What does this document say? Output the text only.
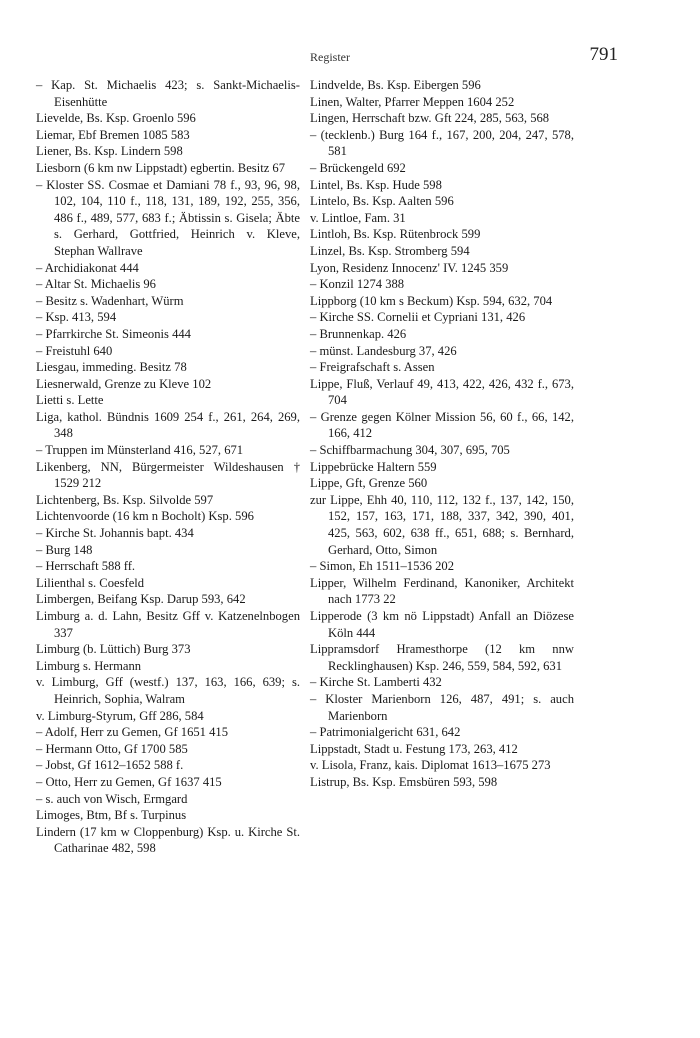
Register	791

– Kap. St. Michaelis 423; s. Sankt-Michaelis-Eisenhütte

Lievelde, Bs. Ksp. Groenlo 596

Liemar, Ebf Bremen 1085 583

Liener, Bs. Ksp. Lindern 598

Liesborn (6 km nw Lippstadt) egbertin. Besitz 67

– Kloster SS. Cosmae et Damiani 78 f., 93, 96, 98, 102, 104, 110 f., 118, 131, 189, 192, 255, 356, 486 f., 489, 577, 683 f.; Äbtissin s. Gisela; Äbte s. Gerhard, Gottfried, Heinrich v. Kleve, Stephan Wallrave

– Archidiakonat 444

– Altar St. Michaelis 96

– Besitz s. Wadenhart, Würm

– Ksp. 413, 594

– Pfarrkirche St. Simeonis 444

– Freistuhl 640

Liesgau, immeding. Besitz 78

Liesnerwald, Grenze zu Kleve 102

Lietti s. Lette

Liga, kathol. Bündnis 1609 254 f., 261, 264, 269, 348

– Truppen im Münsterland 416, 527, 671

Likenberg, NN, Bürgermeister Wildeshausen † 1529 212

Lichtenberg, Bs. Ksp. Silvolde 597

Lichtenvoorde (16 km n Bocholt) Ksp. 596

– Kirche St. Johannis bapt. 434

– Burg 148

– Herrschaft 588 ff.

Lilienthal s. Coesfeld

Limbergen, Beifang Ksp. Darup 593, 642

Limburg a. d. Lahn, Besitz Gff v. Katzenelnbogen 337

Limburg (b. Lüttich) Burg 373

Limburg s. Hermann

v. Limburg, Gff (westf.) 137, 163, 166, 639; s. Heinrich, Sophia, Walram

v. Limburg-Styrum, Gff 286, 584

– Adolf, Herr zu Gemen, Gf 1651 415

– Hermann Otto, Gf 1700 585

– Jobst, Gf 1612–1652 588 f.

– Otto, Herr zu Gemen, Gf 1637 415

– s. auch von Wisch, Ermgard

Limoges, Btm, Bf s. Turpinus

Lindern (17 km w Cloppenburg) Ksp. u. Kirche St. Catharinae 482, 598

Lindvelde, Bs. Ksp. Eibergen 596

Linen, Walter, Pfarrer Meppen 1604 252

Lingen, Herrschaft bzw. Gft 224, 285, 563, 568

– (tecklenb.) Burg 164 f., 167, 200, 204, 247, 578, 581

– Brückengeld 692

Lintel, Bs. Ksp. Hude 598

Lintelo, Bs. Ksp. Aalten 596

v. Lintloe, Fam. 31

Lintloh, Bs. Ksp. Rütenbrock 599

Linzel, Bs. Ksp. Stromberg 594

Lyon, Residenz Innocenz' IV. 1245 359

– Konzil 1274 388

Lippborg (10 km s Beckum) Ksp. 594, 632, 704

– Kirche SS. Cornelii et Cypriani 131, 426

– Brunnenkap. 426

– münst. Landesburg 37, 426

– Freigrafschaft s. Assen

Lippe, Fluß, Verlauf 49, 413, 422, 426, 432 f., 673, 704

– Grenze gegen Kölner Mission 56, 60 f., 66, 142, 166, 412

– Schiffbarmachung 304, 307, 695, 705

Lippebrücke Haltern 559

Lippe, Gft, Grenze 560

zur Lippe, Ehh 40, 110, 112, 132 f., 137, 142, 150, 152, 157, 163, 171, 188, 337, 342, 390, 401, 425, 563, 602, 638 ff., 651, 688; s. Bernhard, Gerhard, Otto, Simon

– Simon, Eh 1511–1536 202

Lipper, Wilhelm Ferdinand, Kanoniker, Architekt nach 1773 22

Lipperode (3 km nö Lippstadt) Anfall an Diözese Köln 444

Lippramsdorf Hramesthorpe (12 km nnw Recklinghausen) Ksp. 246, 559, 584, 592, 631

– Kirche St. Lamberti 432

– Kloster Marienborn 126, 487, 491; s. auch Marienborn

– Patrimonialgericht 631, 642

Lippstadt, Stadt u. Festung 173, 263, 412

v. Lisola, Franz, kais. Diplomat 1613–1675 273

Listrup, Bs. Ksp. Emsbüren 593, 598
